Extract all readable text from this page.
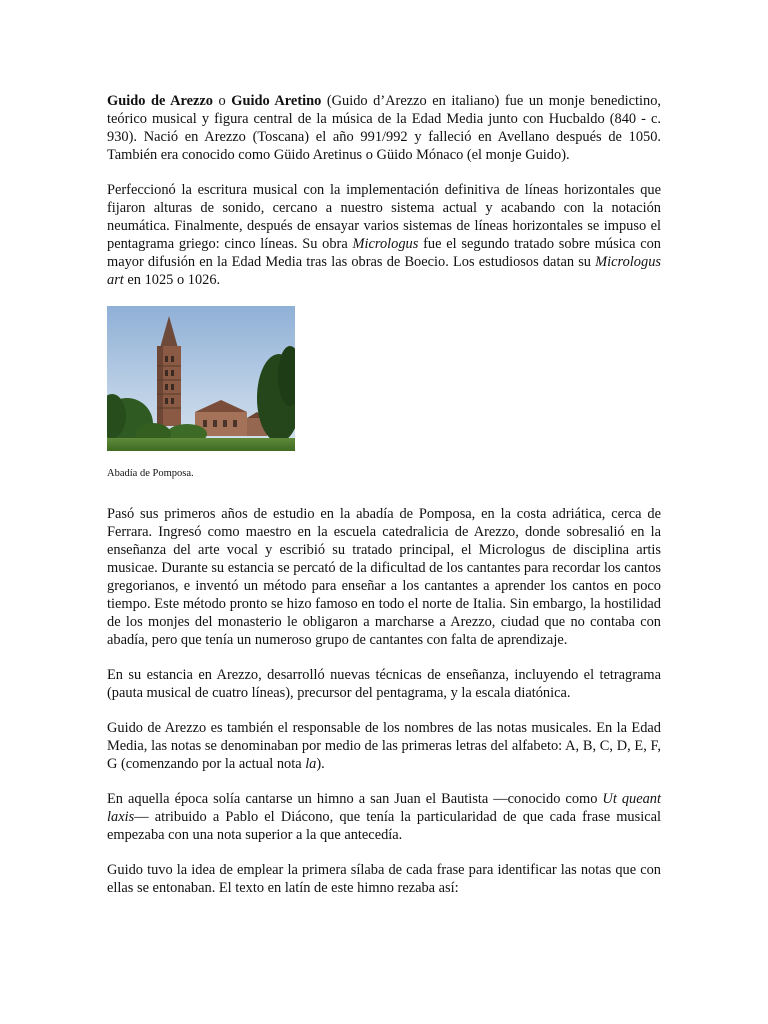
Guido de Arezzo o Guido Aretino (Guido d’Arezzo en italiano) fue un monje benedictino, teórico musical y figura central de la música de la Edad Media junto con Hucbaldo (840 - c. 930). Nació en Arezzo (Toscana) el año 991/992 y falleció en Avellano después de 1050. También era conocido como Güido Aretinus o Güido Mónaco (el monje Guido).

Perfeccionó la escritura musical con la implementación definitiva de líneas horizontales que fijaron alturas de sonido, cercano a nuestro sistema actual y acabando con la notación neumática. Finalmente, después de ensayar varios sistemas de líneas horizontales se impuso el pentagrama griego: cinco líneas. Su obra Micrologus fue el segundo tratado sobre música con mayor difusión en la Edad Media tras las obras de Boecio. Los estudiosos datan su Micrologus art en 1025 o 1026.

Abadía de Pomposa.

Pasó sus primeros años de estudio en la abadía de Pomposa, en la costa adriática, cerca de Ferrara. Ingresó como maestro en la escuela catedralicia de Arezzo, donde sobresalió en la enseñanza del arte vocal y escribió su tratado principal, el Micrologus de disciplina artis musicae. Durante su estancia se percató de la dificultad de los cantantes para recordar los cantos gregorianos, e inventó un método para enseñar a los cantantes a aprender los cantos en poco tiempo. Este método pronto se hizo famoso en todo el norte de Italia. Sin embargo, la hostilidad de los monjes del monasterio le obligaron a marcharse a Arezzo, ciudad que no contaba con abadía, pero que tenía un numeroso grupo de cantantes con falta de aprendizaje.

En su estancia en Arezzo, desarrolló nuevas técnicas de enseñanza, incluyendo el tetragrama (pauta musical de cuatro líneas), precursor del pentagrama, y la escala diatónica.

Guido de Arezzo es también el responsable de los nombres de las notas musicales. En la Edad Media, las notas se denominaban por medio de las primeras letras del alfabeto: A, B, C, D, E, F, G (comenzando por la actual nota la).

En aquella época solía cantarse un himno a san Juan el Bautista —conocido como Ut queant laxis— atribuido a Pablo el Diácono, que tenía la particularidad de que cada frase musical empezaba con una nota superior a la que antecedía.

Guido tuvo la idea de emplear la primera sílaba de cada frase para identificar las notas que con ellas se entonaban. El texto en latín de este himno rezaba así:
